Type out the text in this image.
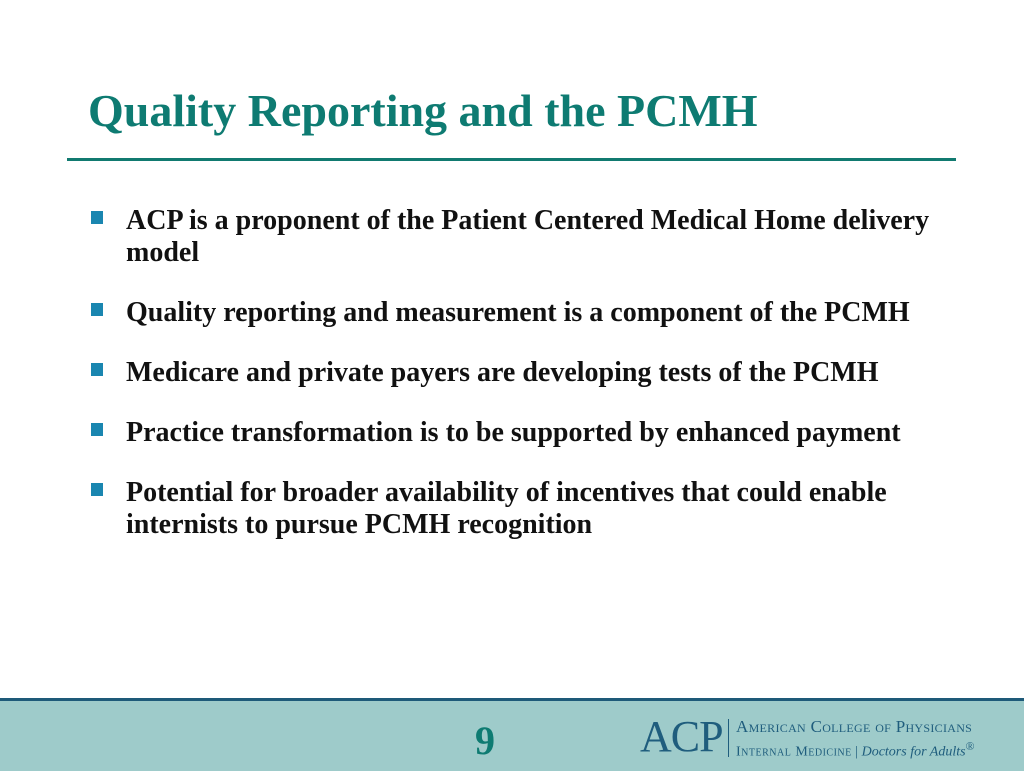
Quality Reporting and the PCMH
ACP is a proponent of the Patient Centered Medical Home delivery model
Quality reporting and measurement is a component of the PCMH
Medicare and private payers are developing tests of the PCMH
Practice transformation is to be supported by enhanced payment
Potential for broader availability of incentives that could enable internists to pursue PCMH recognition
9	ACP American College of Physicians
Internal Medicine | Doctors for Adults®
